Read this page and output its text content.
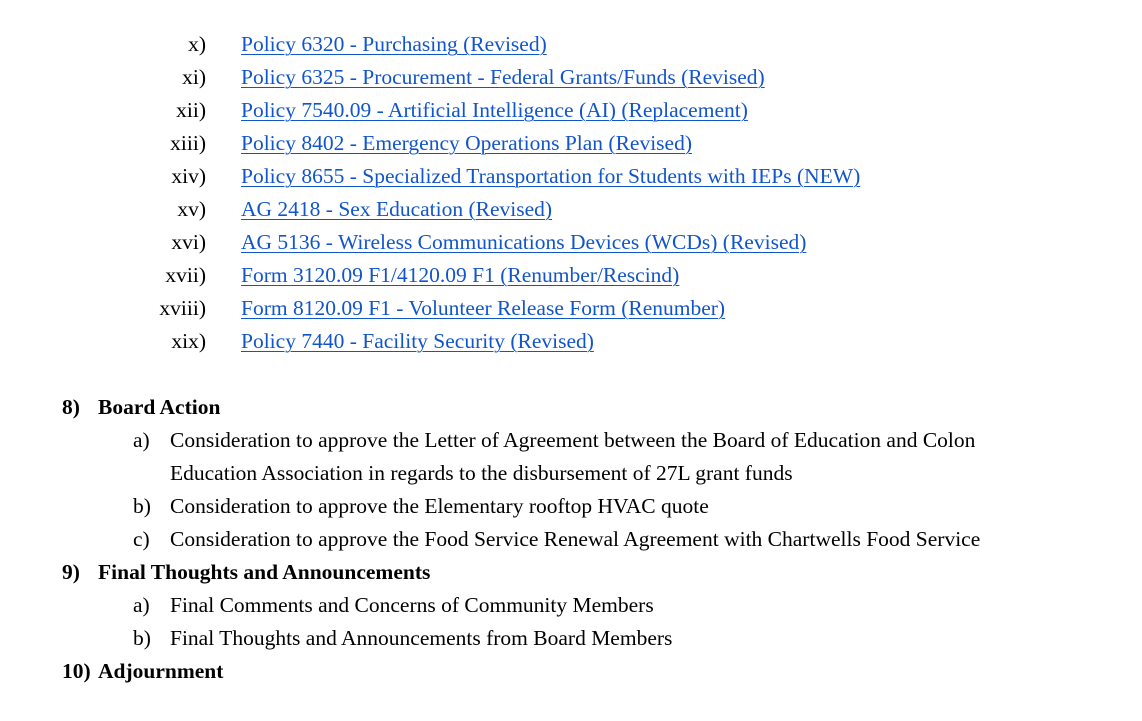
x) Policy 6320 - Purchasing (Revised)
xi) Policy 6325 - Procurement - Federal Grants/Funds (Revised)
xii) Policy 7540.09 - Artificial Intelligence (AI) (Replacement)
xiii) Policy 8402 - Emergency Operations Plan (Revised)
xiv) Policy 8655 - Specialized Transportation for Students with IEPs (NEW)
xv) AG 2418 - Sex Education (Revised)
xvi) AG 5136 - Wireless Communications Devices (WCDs) (Revised)
xvii) Form 3120.09 F1/4120.09 F1 (Renumber/Rescind)
xviii) Form 8120.09 F1 - Volunteer Release Form (Renumber)
xix) Policy 7440 - Facility Security (Revised)
8) Board Action
a) Consideration to approve the Letter of Agreement between the Board of Education and Colon
Education Association in regards to the disbursement of 27L grant funds
b) Consideration to approve the Elementary rooftop HVAC quote
c) Consideration to approve the Food Service Renewal Agreement with Chartwells Food Service
9) Final Thoughts and Announcements
a) Final Comments and Concerns of Community Members
b) Final Thoughts and Announcements from Board Members
10) Adjournment
